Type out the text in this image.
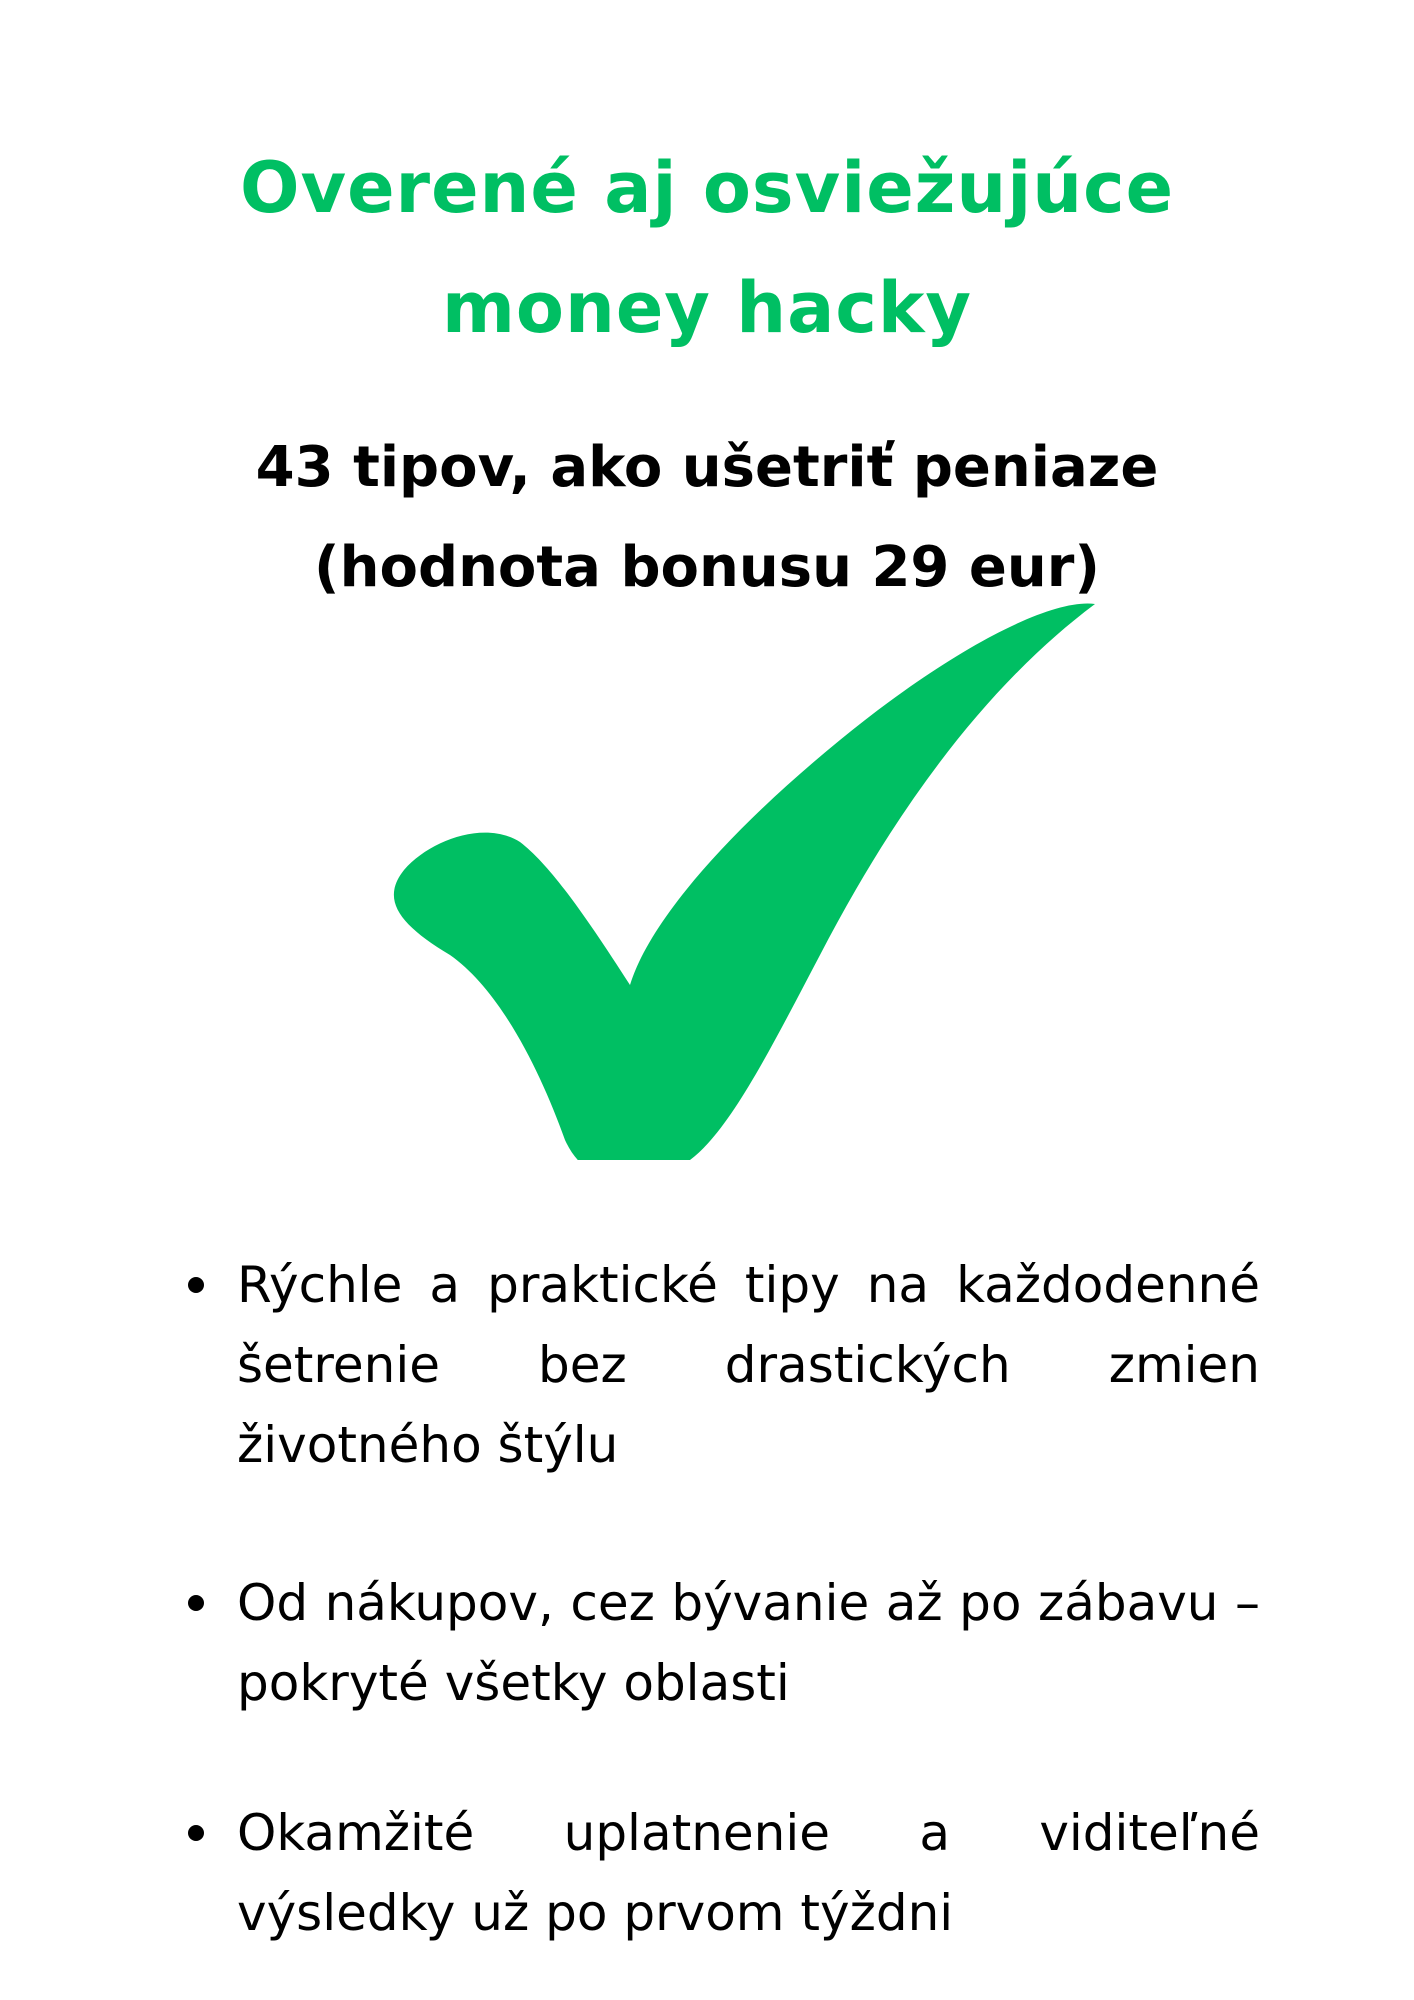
Overené aj osviežujúce
money hacky
43 tipov, ako ušetriť peniaze
(hodnota bonusu 29 eur)

Rýchle a praktické tipy na každodenné šetrenie bez drastických zmien životného štýlu

Od nákupov, cez bývanie až po zábavu – pokryté všetky oblasti

Okamžité uplatnenie a viditeľné výsledky už po prvom týždni
